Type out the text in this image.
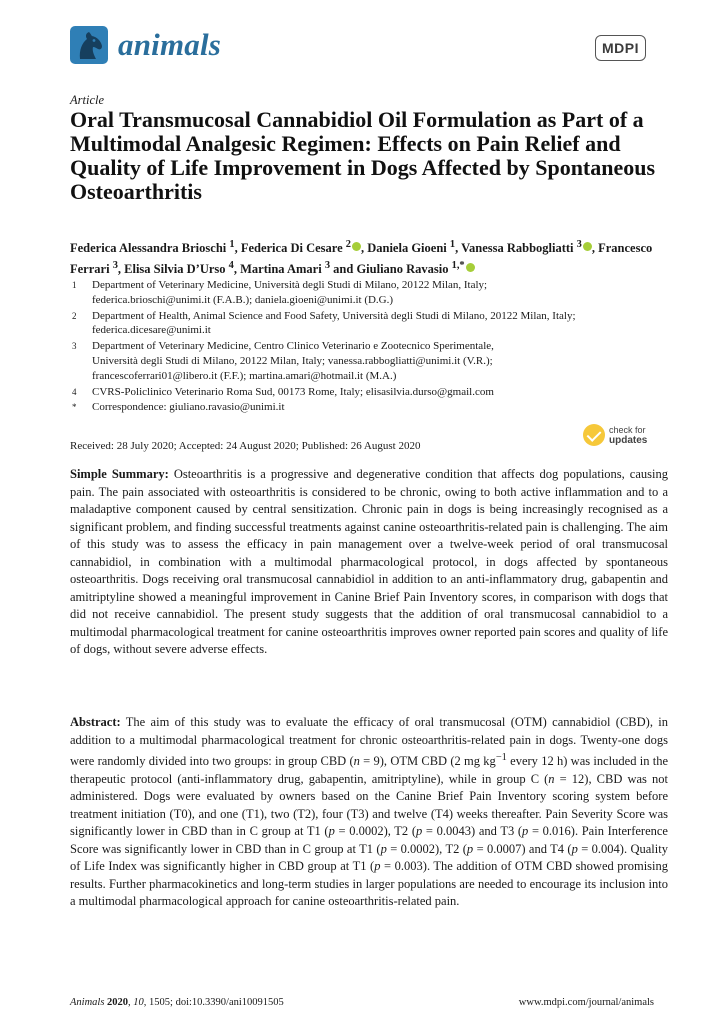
animals	MDPI
Article
Oral Transmucosal Cannabidiol Oil Formulation as Part of a Multimodal Analgesic Regimen: Effects on Pain Relief and Quality of Life Improvement in Dogs Affected by Spontaneous Osteoarthritis

Federica Alessandra Brioschi $^1$, Federica Di Cesare $^2$ , Daniela Gioeni $^1$, Vanessa Rabbogliatti $^3$ , Francesco Ferrari $^3$, Elisa Silvia D’Urso $^4$, Martina Amari $^3$ and Giuliano Ravasio $^{1,*}$

1	Department of Veterinary Medicine, Università degli Studi di Milano, 20122 Milan, Italy;
federica.brioschi@unimi.it (F.A.B.); daniela.gioeni@unimi.it (D.G.)
2	Department of Health, Animal Science and Food Safety, Università degli Studi di Milano, 20122 Milan, Italy;
federica.dicesare@unimi.it
3	Department of Veterinary Medicine, Centro Clinico Veterinario e Zootecnico Sperimentale,
Università degli Studi di Milano, 20122 Milan, Italy; vanessa.rabbogliatti@unimi.it (V.R.);
francescoferrari01@libero.it (F.F.); martina.amari@hotmail.it (M.A.)
4	CVRS-Policlinico Veterinario Roma Sud, 00173 Rome, Italy; elisasilvia.durso@gmail.com
*	Correspondence: giuliano.ravasio@unimi.it
Received: 28 July 2020; Accepted: 24 August 2020; Published: 26 August 2020
check for
updates

Simple Summary: Osteoarthritis is a progressive and degenerative condition that affects dog populations, causing pain. The pain associated with osteoarthritis is considered to be chronic, owing to both active inflammation and to a maladaptive component caused by central sensitization. Chronic pain in dogs is being increasingly recognised as a significant problem, and finding successful treatments against canine osteoarthritis-related pain is challenging. The aim of this study was to assess the efficacy in pain management over a twelve-week period of oral transmucosal cannabidiol, in combination with a multimodal pharmacological protocol, in dogs affected by spontaneous osteoarthritis. Dogs receiving oral transmucosal cannabidiol in addition to an anti-inflammatory drug, gabapentin and amitriptyline showed a meaningful improvement in Canine Brief Pain Inventory scores, in comparison with dogs that did not receive cannabidiol. The present study suggests that the addition of oral transmucosal cannabidiol to a multimodal pharmacological treatment for canine osteoarthritis improves owner reported pain scores and quality of life of dogs, without severe adverse effects.

Abstract: The aim of this study was to evaluate the efficacy of oral transmucosal (OTM) cannabidiol (CBD), in addition to a multimodal pharmacological treatment for chronic osteoarthritis-related pain in dogs. Twenty-one dogs were randomly divided into two groups: in group CBD (n = 9), OTM CBD (2 mg $kg^{-1}$ every 12 h) was included in the therapeutic protocol (anti-inflammatory drug, gabapentin, amitriptyline), while in group C (n = 12), CBD was not administered. Dogs were evaluated by owners based on the Canine Brief Pain Inventory scoring system before treatment initiation (T0), and one (T1), two (T2), four (T3) and twelve (T4) weeks thereafter. Pain Severity Score was significantly lower in CBD than in C group at T1 (p = 0.0002), T2 (p = 0.0043) and T3 (p = 0.016). Pain Interference Score was significantly lower in CBD than in C group at T1 (p = 0.0002), T2 (p = 0.0007) and T4 (p = 0.004). Quality of Life Index was significantly higher in CBD group at T1 (p = 0.003). The addition of OTM CBD showed promising results. Further pharmacokinetics and long-term studies in larger populations are needed to encourage its inclusion into a multimodal pharmacological approach for canine osteoarthritis-related pain.

Animals 2020, 10, 1505; doi:10.3390/ani10091505	www.mdpi.com/journal/animals
